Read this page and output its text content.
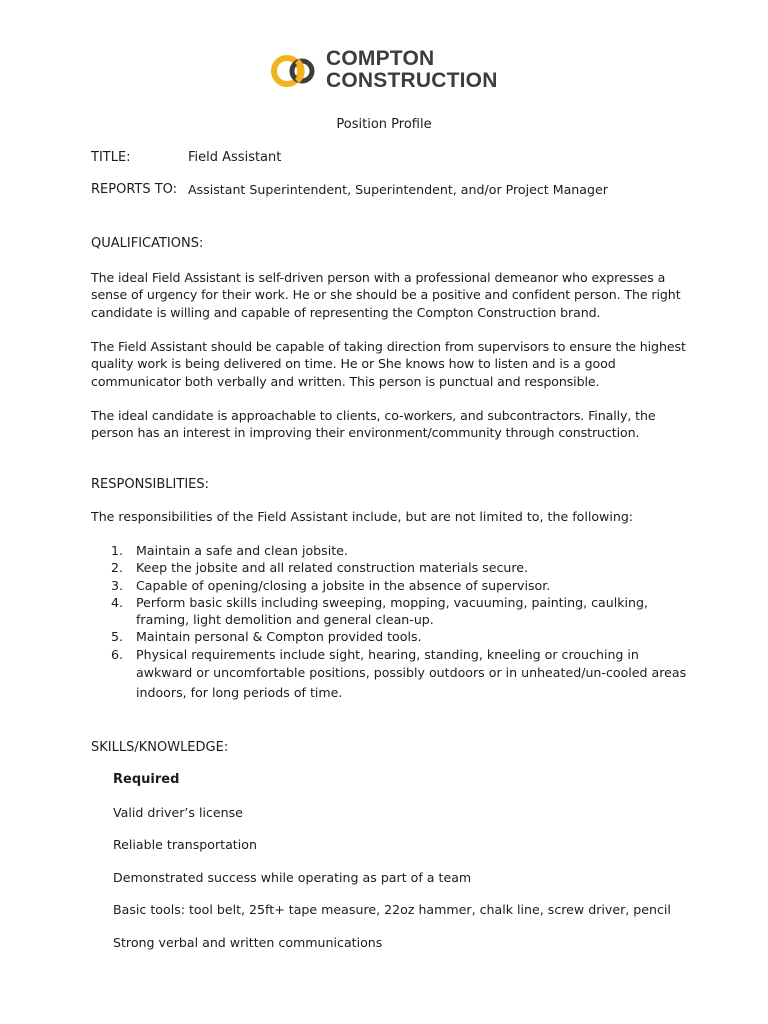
COMPTON
CONSTRUCTION
Position Profile
TITLE:	Field Assistant
REPORTS TO: Assistant Superintendent, Superintendent, and/or Project Manager
QUALIFICATIONS:
The ideal Field Assistant is self-driven person with a professional demeanor who expresses a
sense of urgency for their work. He or she should be a positive and confident person. The right
candidate is willing and capable of representing the Compton Construction brand.
The Field Assistant should be capable of taking direction from supervisors to ensure the highest
quality work is being delivered on time. He or She knows how to listen and is a good
communicator both verbally and written. This person is punctual and responsible.
The ideal candidate is approachable to clients, co-workers, and subcontractors. Finally, the
person has an interest in improving their environment/community through construction.
RESPONSIBLITIES:
The responsibilities of the Field Assistant include, but are not limited to, the following:
1. Maintain a safe and clean jobsite.
2. Keep the jobsite and all related construction materials secure.
3. Capable of opening/closing a jobsite in the absence of supervisor.
4. Perform basic skills including sweeping, mopping, vacuuming, painting, caulking,
framing, light demolition and general clean-up.
5. Maintain personal & Compton provided tools.
6. Physical requirements include sight, hearing, standing, kneeling or crouching in
awkward or uncomfortable positions, possibly outdoors or in unheated/un-cooled areas
indoors, for long periods of time.
SKILLS/KNOWLEDGE:
Required
Valid driver’s license
Reliable transportation
Demonstrated success while operating as part of a team
Basic tools: tool belt, 25ft+ tape measure, 22oz hammer, chalk line, screw driver, pencil
Strong verbal and written communications
